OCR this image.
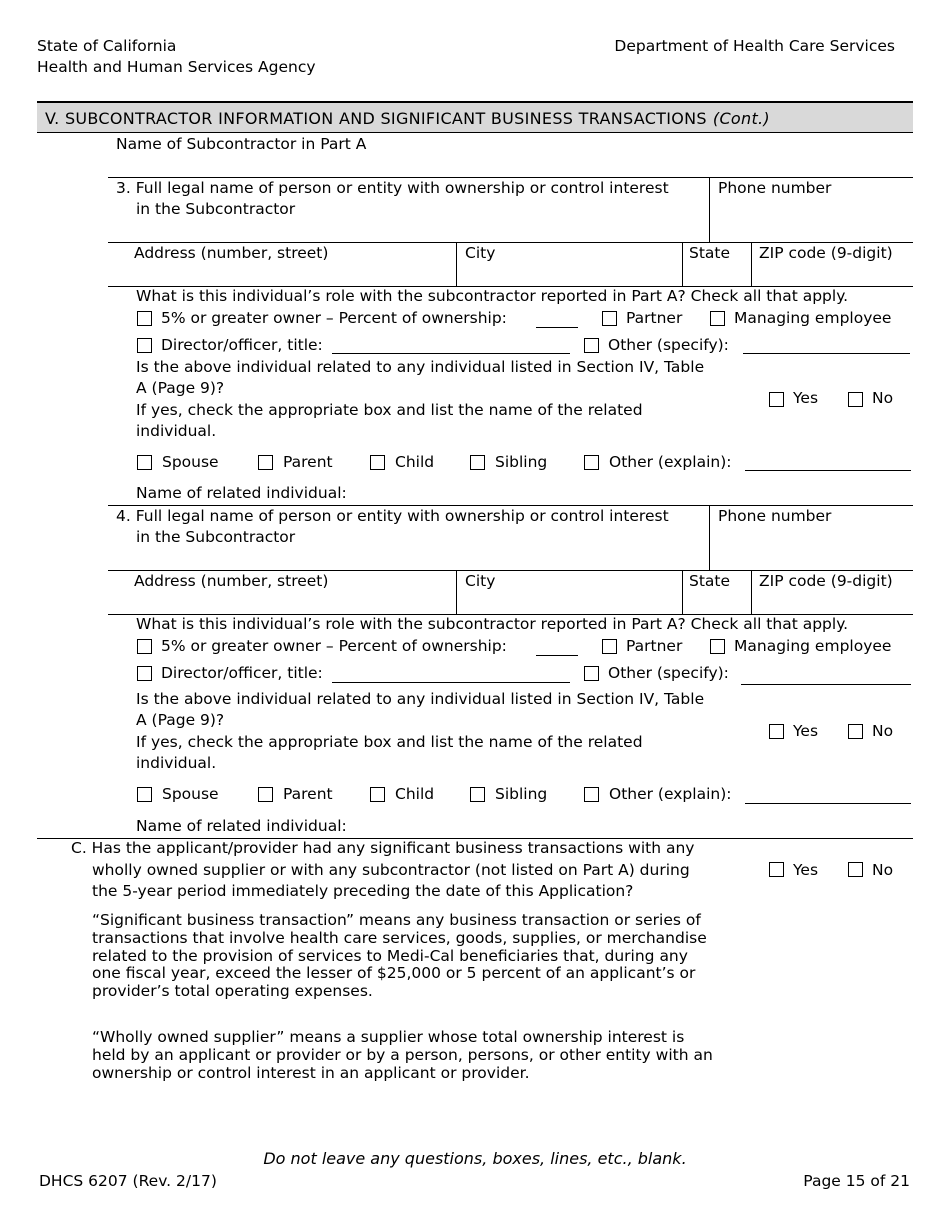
State of California
Health and Human Services Agency
Department of Health Care Services
V. SUBCONTRACTOR INFORMATION AND SIGNIFICANT BUSINESS TRANSACTIONS (Cont.)
Name of Subcontractor in Part A
3. Full legal name of person or entity with ownership or control interest
in the Subcontractor
Phone number
Address (number, street)	City	State ZIP code (9-digit)
What is this individual’s role with the subcontractor reported in Part A? Check all that apply.
5% or greater owner – Percent of ownership:	Partner	Managing employee
Director/officer, title:	Other (specify):
Is the above individual related to any individual listed in Section IV, Table
A (Page 9)?
If yes, check the appropriate box and list the name of the related
individual.
Yes	No
Spouse	Parent	Child	Sibling	Other (explain):
Name of related individual:
4. Full legal name of person or entity with ownership or control interest
in the Subcontractor
Phone number
Address (number, street)	City	State ZIP code (9-digit)
What is this individual’s role with the subcontractor reported in Part A? Check all that apply.
5% or greater owner – Percent of ownership:	Partner	Managing employee
Director/officer, title:	Other (specify):
Is the above individual related to any individual listed in Section IV, Table
A (Page 9)?
If yes, check the appropriate box and list the name of the related
individual.
Yes	No
Spouse	Parent	Child	Sibling	Other (explain):
Name of related individual:
C. Has the applicant/provider had any significant business transactions with any
wholly owned supplier or with any subcontractor (not listed on Part A) during
the 5-year period immediately preceding the date of this Application?
Yes	No
“Significant business transaction” means any business transaction or series of
transactions that involve health care services, goods, supplies, or merchandise
related to the provision of services to Medi-Cal beneficiaries that, during any
one fiscal year, exceed the lesser of $25,000 or 5 percent of an applicant’s or
provider’s total operating expenses.
“Wholly owned supplier” means a supplier whose total ownership interest is
held by an applicant or provider or by a person, persons, or other entity with an
ownership or control interest in an applicant or provider.
Do not leave any questions, boxes, lines, etc., blank.
DHCS 6207 (Rev. 2/17)	Page 15 of 21
